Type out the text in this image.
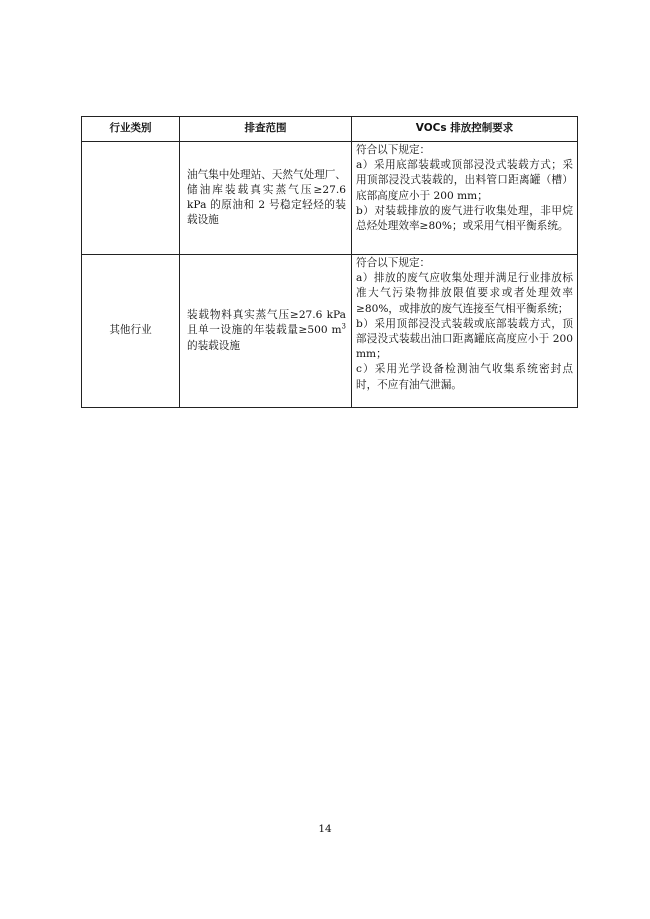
行业类别	排查范围	VOCs 排放控制要求
	油气集中处理站、天然气处理厂、储油库装载真实蒸气压≥27.6 kPa 的原油和 2 号稳定轻烃的装载设施	符合以下规定：
a）采用底部装载或顶部浸没式装载方式；采用顶部浸没式装载的，出料管口距离罐（槽）底部高度应小于 200 mm；
b）对装载排放的废气进行收集处理，非甲烷总烃处理效率≥80%；或采用气相平衡系统。

其他行业	装载物料真实蒸气压≥27.6 kPa 且单一设施的年装载量≥500 $m^3$的装载设施	符合以下规定：
a）排放的废气应收集处理并满足行业排放标准大气污染物排放限值要求或者处理效率≥80%，或排放的废气连接至气相平衡系统；
b）采用顶部浸没式装载或底部装载方式，顶部浸没式装载出油口距离罐底高度应小于 200 mm；
c）采用光学设备检测油气收集系统密封点时，不应有油气泄漏。
14
